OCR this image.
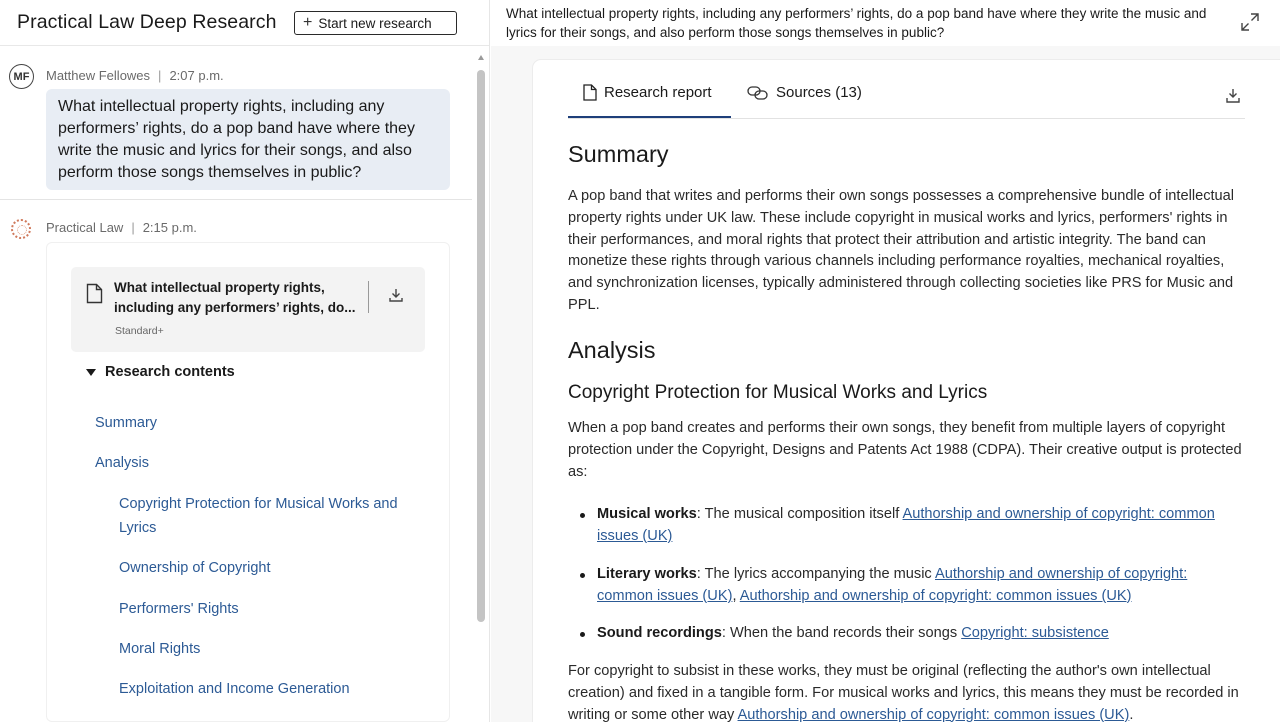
Practical Law Deep Research + Start new research
MF	Matthew Fellowes | 2:07 p.m.
What intellectual property rights, including any performers’ rights, do a pop band have where they write the music and lyrics for their songs, and also perform those songs themselves in public?
Practical Law | 2:15 p.m.
What intellectual property rights, including any performers’ rights, do...
Standard+
Research contents
Summary
Analysis
Copyright Protection for Musical Works and Lyrics
Ownership of Copyright
Performers' Rights
Moral Rights
Exploitation and Income Generation
What intellectual property rights, including any performers’ rights, do a pop band have where they write the music and lyrics for their songs, and also perform those songs themselves in public?
Research report	Sources (13)
Summary
A pop band that writes and performs their own songs possesses a comprehensive bundle of intellectual property rights under UK law. These include copyright in musical works and lyrics, performers' rights in their performances, and moral rights that protect their attribution and artistic integrity. The band can monetize these rights through various channels including performance royalties, mechanical royalties, and synchronization licenses, typically administered through collecting societies like PRS for Music and PPL.
Analysis
Copyright Protection for Musical Works and Lyrics
When a pop band creates and performs their own songs, they benefit from multiple layers of copyright protection under the Copyright, Designs and Patents Act 1988 (CDPA). Their creative output is protected as:
Musical works: The musical composition itself Authorship and ownership of copyright: common issues (UK)
Literary works: The lyrics accompanying the music Authorship and ownership of copyright: common issues (UK), Authorship and ownership of copyright: common issues (UK)
Sound recordings: When the band records their songs Copyright: subsistence
For copyright to subsist in these works, they must be original (reflecting the author's own intellectual creation) and fixed in a tangible form. For musical works and lyrics, this means they must be recorded in writing or some other way Authorship and ownership of copyright: common issues (UK).
